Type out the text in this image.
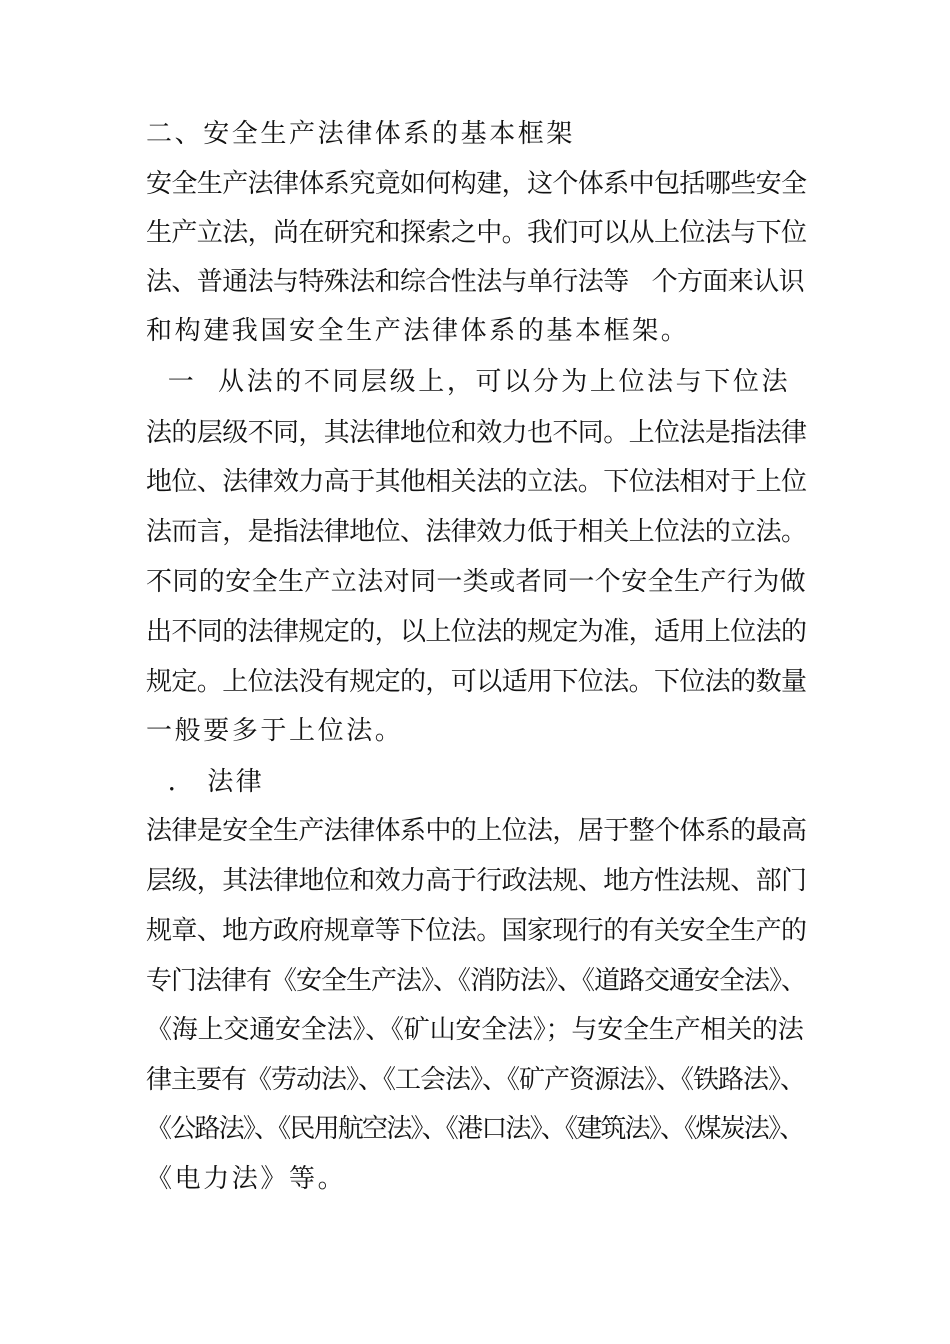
二、安全生产法律体系的基本框架
安全生产法律体系究竟如何构建，这个体系中包括哪些安全
生产立法，尚在研究和探索之中。我们可以从上位法与下位
法、普通法与特殊法和综合性法与单行法等   个方面来认识
和构建我国安全生产法律体系的基本框架。
一  从法的不同层级上，可以分为上位法与下位法
法的层级不同，其法律地位和效力也不同。上位法是指法律
地位、法律效力高于其他相关法的立法。下位法相对于上位
法而言，是指法律地位、法律效力低于相关上位法的立法。
不同的安全生产立法对同一类或者同一个安全生产行为做
出不同的法律规定的，以上位法的规定为准，适用上位法的
规定。上位法没有规定的，可以适用下位法。下位法的数量
一般要多于上位法。
． 法律
法律是安全生产法律体系中的上位法，居于整个体系的最高
层级，其法律地位和效力高于行政法规、地方性法规、部门
规章、地方政府规章等下位法。国家现行的有关安全生产的
专门法律有《安全生产法》、《消防法》、《道路交通安全法》、
《海上交通安全法》、《矿山安全法》；与安全生产相关的法
律主要有《劳动法》、《工会法》、《矿产资源法》、《铁路法》、
《公路法》、《民用航空法》、《港口法》、《建筑法》、《煤炭法》、
《电力法》等。
